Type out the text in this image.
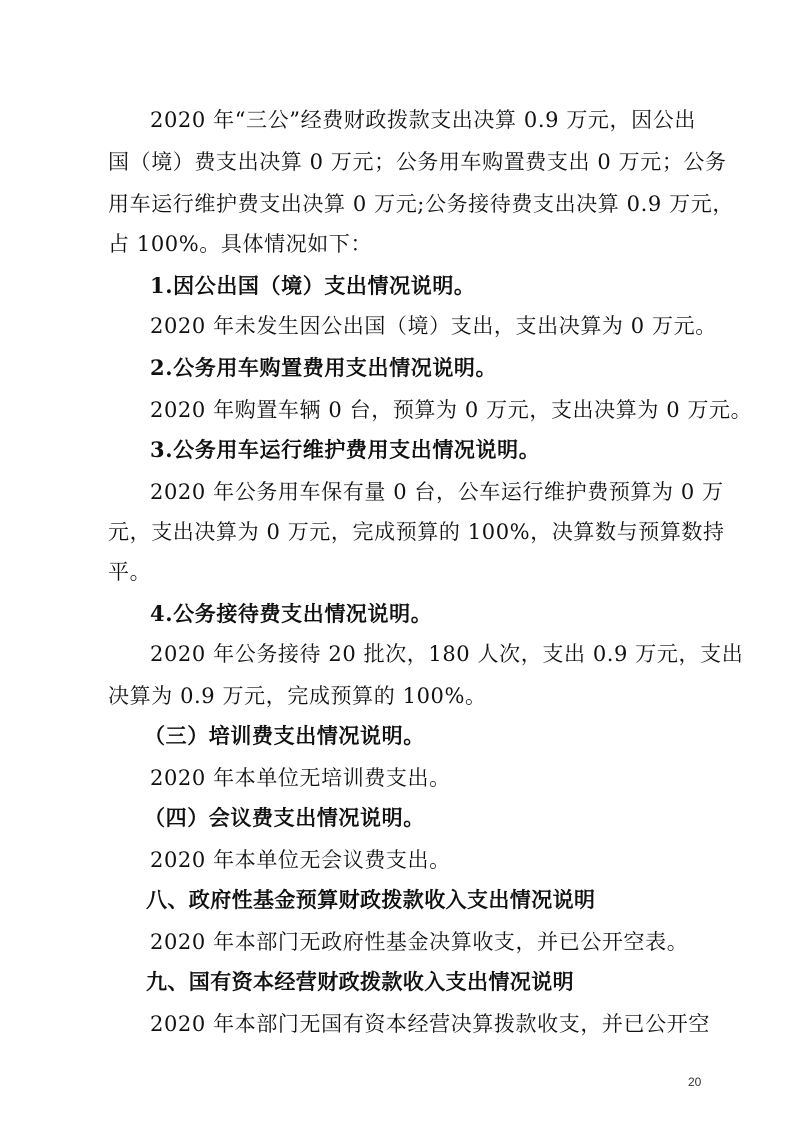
2020 年“三公”经费财政拨款支出决算 0.9 万元，因公出
国（境）费支出决算 0 万元；公务用车购置费支出 0 万元；公务
用车运行维护费支出决算 0 万元;公务接待费支出决算 0.9 万元，
占 100%。具体情况如下：
1.因公出国（境）支出情况说明。
2020 年未发生因公出国（境）支出，支出决算为 0 万元。
2.公务用车购置费用支出情况说明。
2020 年购置车辆 0 台，预算为 0 万元，支出决算为 0 万元。
3.公务用车运行维护费用支出情况说明。
2020 年公务用车保有量 0 台，公车运行维护费预算为 0 万
元，支出决算为 0 万元，完成预算的 100%，决算数与预算数持
平。
4.公务接待费支出情况说明。
2020 年公务接待 20 批次，180 人次，支出 0.9 万元，支出
决算为 0.9 万元，完成预算的 100%。
（三）培训费支出情况说明。
2020 年本单位无培训费支出。
（四）会议费支出情况说明。
2020 年本单位无会议费支出。
八、政府性基金预算财政拨款收入支出情况说明
2020 年本部门无政府性基金决算收支，并已公开空表。
九、国有资本经营财政拨款收入支出情况说明
2020 年本部门无国有资本经营决算拨款收支，并已公开空
20
